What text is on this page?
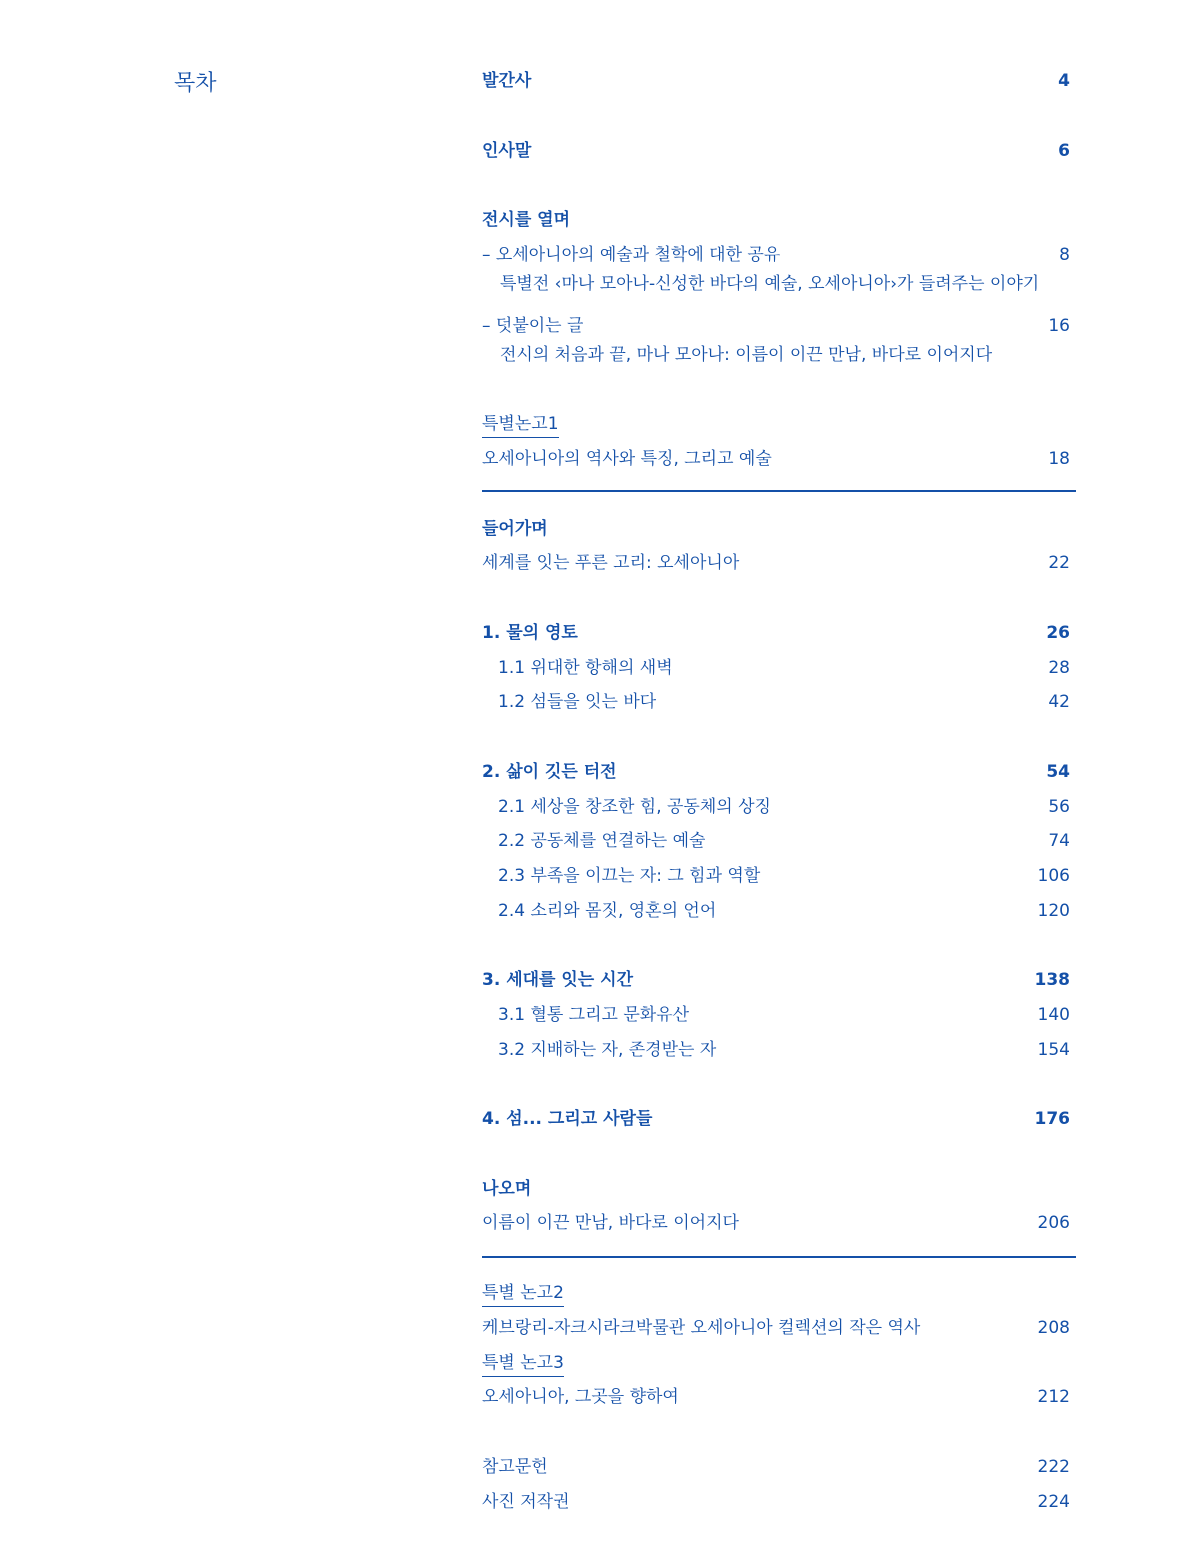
목차	발간사	4
인사말	6
전시를 열며
– 오세아니아의 예술과 철학에 대한 공유	8
특별전 ‹마나 모아나-신성한 바다의 예술, 오세아니아›가 들려주는 이야기
– 덧붙이는 글	16
전시의 처음과 끝, 마나 모아나: 이름이 이끈 만남, 바다로 이어지다
특별논고1
오세아니아의 역사와 특징, 그리고 예술	18
들어가며
세계를 잇는 푸른 고리: 오세아니아	22
1. 물의 영토	26
1.1 위대한 항해의 새벽	28
1.2 섬들을 잇는 바다	42
2. 삶이 깃든 터전	54
2.1 세상을 창조한 힘, 공동체의 상징	56
2.2 공동체를 연결하는 예술	74
2.3 부족을 이끄는 자: 그 힘과 역할	106
2.4 소리와 몸짓, 영혼의 언어	120
3. 세대를 잇는 시간	138
3.1 혈통 그리고 문화유산	140
3.2 지배하는 자, 존경받는 자	154
4. 섬... 그리고 사람들	176
나오며
이름이 이끈 만남, 바다로 이어지다	206
특별 논고2
케브랑리-자크시라크박물관 오세아니아 컬렉션의 작은 역사	208
특별 논고3
오세아니아, 그곳을 향하여	212
참고문헌	222
사진 저작권	224
